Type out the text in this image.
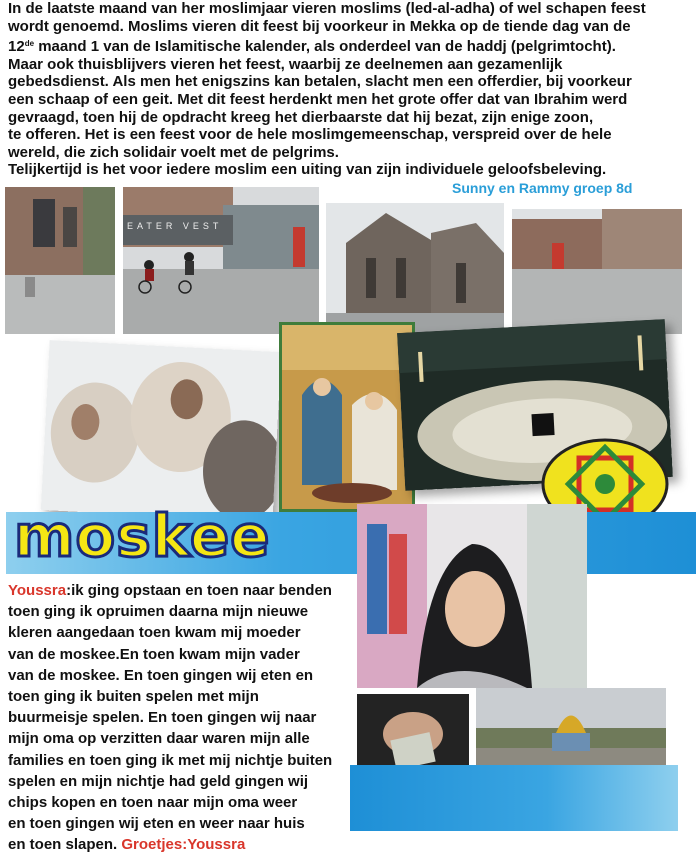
In de laatste maand van her moslimjaar vieren moslims (led-al-adha) of wel schapen feest
wordt genoemd. Moslims vieren dit feest bij voorkeur in Mekka op de tiende dag van de
12de maand 1 van de Islamitische kalender, als onderdeel van de haddj (pelgrimtocht).
Maar ook thuisblijvers vieren het feest, waarbij ze deelnemen aan gezamenlijk
gebedsdienst. Als men het enigszins kan betalen, slacht men een offerdier, bij voorkeur
een schaap of een geit. Met dit feest herdenkt men het grote offer dat van Ibrahim werd
gevraagd, toen hij de opdracht kreeg het dierbaarste dat hij bezat, zijn enige zoon,
te offeren. Het is een feest voor de hele moslimgemeenschap, verspreid over de hele
wereld, die zich solidair voelt met de pelgrims.
Telijkertijd is het voor iedere moslim een uiting van zijn individuele geloofsbeleving.
Sunny en Rammy groep 8d
EATER VEST
moskee
Youssra:ik ging opstaan en toen naar benden
toen ging ik opruimen daarna mijn nieuwe
kleren aangedaan toen kwam mij moeder
van de moskee.En toen kwam mijn vader
van de moskee. En toen gingen wij eten en
toen ging ik buiten spelen met mijn
buurmeisje spelen. En toen gingen wij naar
mijn oma op verzitten daar waren mijn alle
families en toen ging ik met mij nichtje buiten
spelen en mijn nichtje had geld gingen wij
chips kopen en toen naar mijn oma weer
en toen gingen wij eten en weer naar huis
en toen slapen. Groetjes:Youssra
